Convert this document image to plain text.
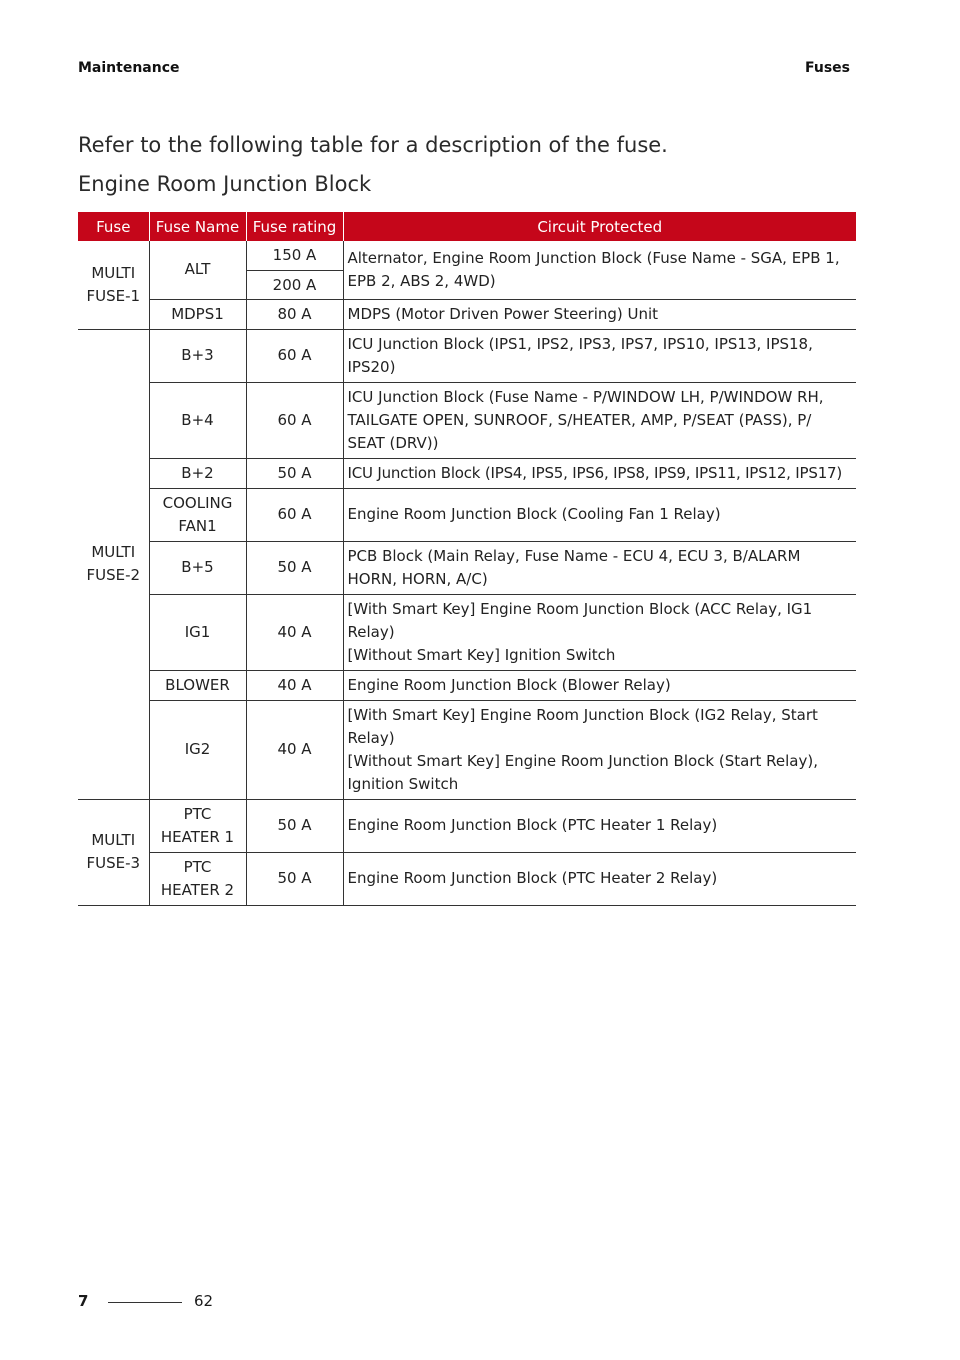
Maintenance	Fuses
Refer to the following table for a description of the fuse.
Engine Room Junction Block
Fuse	Fuse Name	Fuse rating	Circuit Protected
MULTI FUSE-1	ALT	150 A	Alternator, Engine Room Junction Block (Fuse Name - SGA, EPB 1, EPB 2, ABS 2, 4WD)
		200 A	
	MDPS1	80 A	MDPS (Motor Driven Power Steering) Unit
MULTI FUSE-2	B+3	60 A	ICU Junction Block (IPS1, IPS2, IPS3, IPS7, IPS10, IPS13, IPS18, IPS20)
	B+4	60 A	ICU Junction Block (Fuse Name - P/WINDOW LH, P/WINDOW RH, TAILGATE OPEN, SUNROOF, S/HEATER, AMP, P/SEAT (PASS), P/ SEAT (DRV))
	B+2	50 A	ICU Junction Block (IPS4, IPS5, IPS6, IPS8, IPS9, IPS11, IPS12, IPS17)
	COOLING FAN1	60 A	Engine Room Junction Block (Cooling Fan 1 Relay)
	B+5	50 A	PCB Block (Main Relay, Fuse Name - ECU 4, ECU 3, B/ALARM HORN, HORN, A/C)
	IG1	40 A	[With Smart Key] Engine Room Junction Block (ACC Relay, IG1 Relay)
[Without Smart Key] Ignition Switch

	BLOWER	40 A	Engine Room Junction Block (Blower Relay)
	IG2	40 A	[With Smart Key] Engine Room Junction Block (IG2 Relay, Start Relay)
[Without Smart Key] Engine Room Junction Block (Start Relay), Ignition Switch

MULTI FUSE-3	PTC HEATER 1	50 A	Engine Room Junction Block (PTC Heater 1 Relay)
	PTC HEATER 2	50 A	Engine Room Junction Block (PTC Heater 2 Relay)
7	62
